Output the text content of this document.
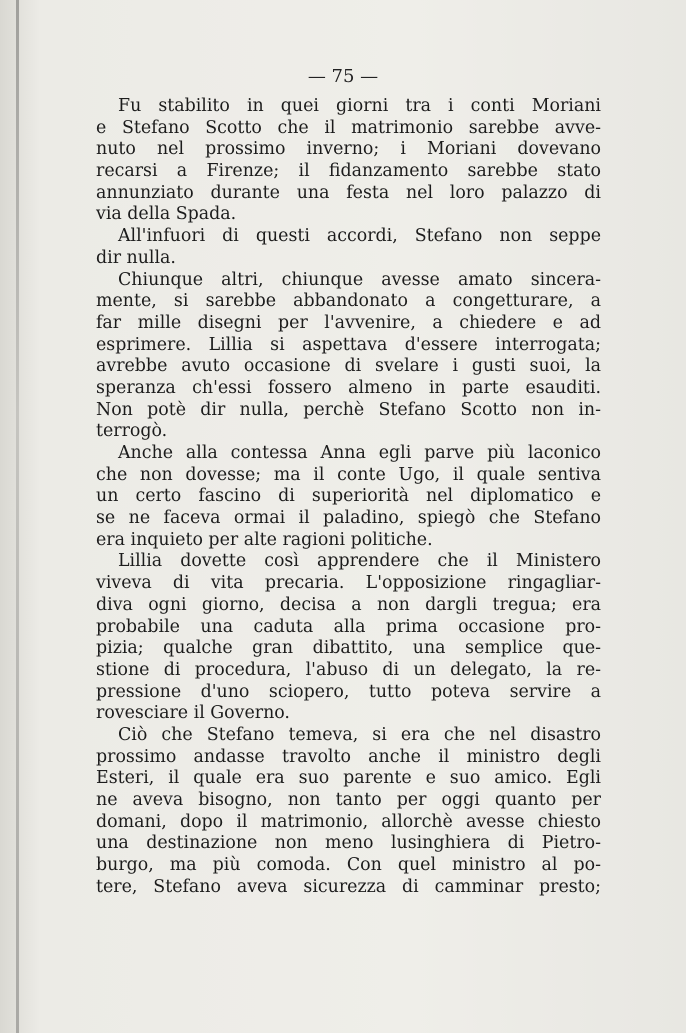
— 75 —
Fu stabilito in quei giorni tra i conti Moriani
e Stefano Scotto che il matrimonio sarebbe avve-
nuto nel prossimo inverno; i Moriani dovevano
recarsi a Firenze; il fidanzamento sarebbe stato
annunziato durante una festa nel loro palazzo di
via della Spada.
All'infuori di questi accordi, Stefano non seppe
dir nulla.
Chiunque altri, chiunque avesse amato sincera-
mente, si sarebbe abbandonato a congetturare, a
far mille disegni per l'avvenire, a chiedere e ad
esprimere. Lillia si aspettava d'essere interrogata;
avrebbe avuto occasione di svelare i gusti suoi, la
speranza ch'essi fossero almeno in parte esauditi.
Non potè dir nulla, perchè Stefano Scotto non in-
terrogò.
Anche alla contessa Anna egli parve più laconico
che non dovesse; ma il conte Ugo, il quale sentiva
un certo fascino di superiorità nel diplomatico e
se ne faceva ormai il paladino, spiegò che Stefano
era inquieto per alte ragioni politiche.
Lillia dovette così apprendere che il Ministero
viveva di vita precaria. L'opposizione ringagliar-
diva ogni giorno, decisa a non dargli tregua; era
probabile una caduta alla prima occasione pro-
pizia; qualche gran dibattito, una semplice que-
stione di procedura, l'abuso di un delegato, la re-
pressione d'uno sciopero, tutto poteva servire a
rovesciare il Governo.
Ciò che Stefano temeva, si era che nel disastro
prossimo andasse travolto anche il ministro degli
Esteri, il quale era suo parente e suo amico. Egli
ne aveva bisogno, non tanto per oggi quanto per
domani, dopo il matrimonio, allorchè avesse chiesto
una destinazione non meno lusinghiera di Pietro-
burgo, ma più comoda. Con quel ministro al po-
tere, Stefano aveva sicurezza di camminar presto;
